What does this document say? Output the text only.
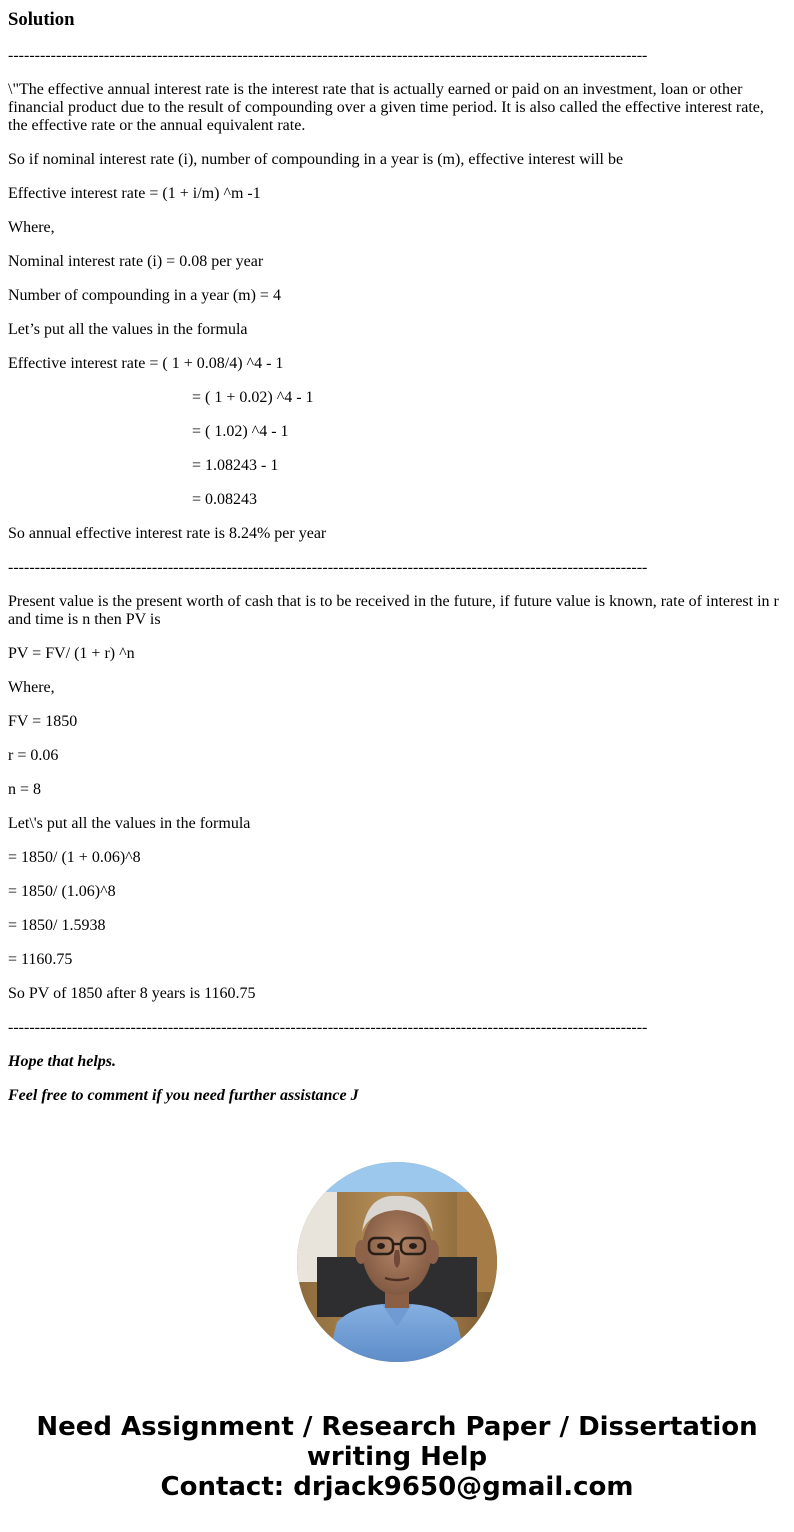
Solution

------------------------------------------------------------------------------------------------------------------------

\"The effective annual interest rate is the interest rate that is actually earned or paid on an investment, loan or other financial product due to the result of compounding over a given time period. It is also called the effective interest rate, the effective rate or the annual equivalent rate.

So if nominal interest rate (i), number of compounding in a year is (m), effective interest will be

Effective interest rate = (1 + i/m) ^m -1

Where,

Nominal interest rate (i) = 0.08 per year

Number of compounding in a year (m) = 4

Let’s put all the values in the formula

Effective interest rate = ( 1 + 0.08/4) ^4 - 1

= ( 1 + 0.02) ^4 - 1

= ( 1.02) ^4 - 1

= 1.08243 - 1

= 0.08243

So annual effective interest rate is 8.24% per year

------------------------------------------------------------------------------------------------------------------------

Present value is the present worth of cash that is to be received in the future, if future value is known, rate of interest in r and time is n then PV is

PV = FV/ (1 + r) ^n

Where,

FV = 1850

r = 0.06

n = 8

Let\'s put all the values in the formula

= 1850/ (1 + 0.06)^8

= 1850/ (1.06)^8

= 1850/ 1.5938

= 1160.75

So PV of 1850 after 8 years is 1160.75

------------------------------------------------------------------------------------------------------------------------

Hope that helps.

Feel free to comment if you need further assistance J

Need Assignment / Research Paper / Dissertation
writing Help
Contact: drjack9650@gmail.com
